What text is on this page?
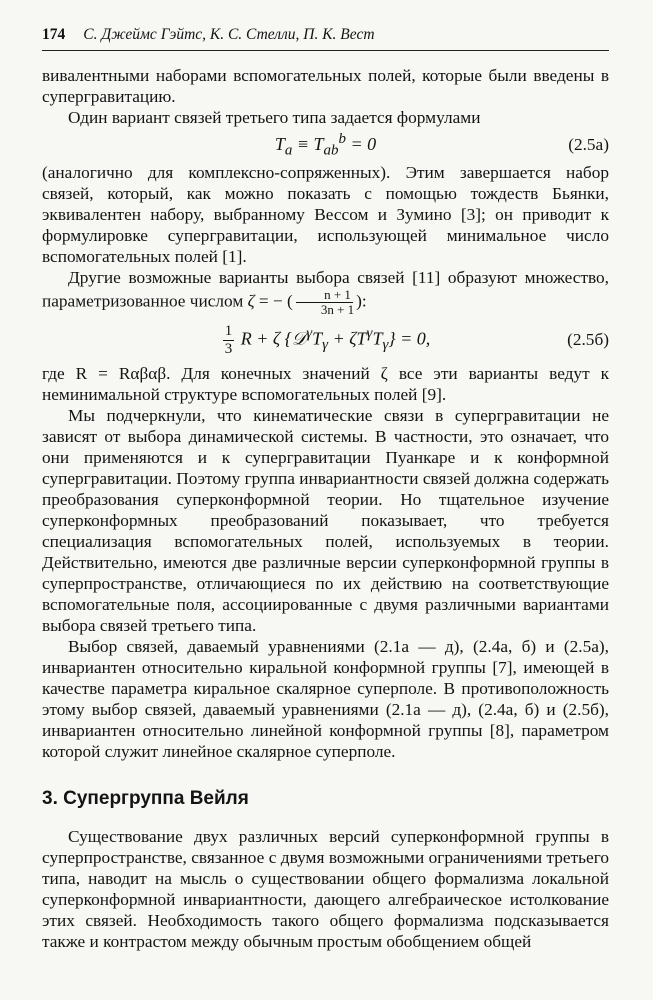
174 С. Джеймс Гэйтс, К. С. Стелли, П. К. Вест

вивалентными наборами вспомогательных полей, которые были введены в супергравитацию.

Один вариант связей третьего типа задается формулами

$T_a \equiv T_{ab}^b = 0$	(2.5а)

(аналогично для комплексно-сопряженных). Этим завершается набор связей, который, как можно показать с помощью тождеств Бьянки, эквивалентен набору, выбранному Вессом и Зумино [3]; он приводит к формулировке супергравитации, использующей минимальное число вспомогательных полей [1].

Другие возможные варианты выбора связей [11] образуют множество, параметризованное числом ζ = − ( $\frac{n + 1}{3n + 1}$ ):

$\frac{1}{3}$ R + ζ $\{𝒟^\gamma T_\gamma + \zeta T^\gamma T_\gamma\} = 0$,	(2.5б)

где R = Rαβαβ. Для конечных значений ζ все эти варианты ведут к неминимальной структуре вспомогательных полей [9].

Мы подчеркнули, что кинематические связи в супергравитации не зависят от выбора динамической системы. В частности, это означает, что они применяются и к супергравитации Пуанкаре и к конформной супергравитации. Поэтому группа инвариантности связей должна содержать преобразования суперконформной теории. Но тщательное изучение суперконформных преобразований показывает, что требуется специализация вспомогательных полей, используемых в теории. Действительно, имеются две различные версии суперконформной группы в суперпространстве, отличающиеся по их действию на соответствующие вспомогательные поля, ассоциированные с двумя различными вариантами выбора связей третьего типа.

Выбор связей, даваемый уравнениями (2.1а — д), (2.4а, б) и (2.5а), инвариантен относительно киральной конформной группы [7], имеющей в качестве параметра киральное скалярное суперполе. В противоположность этому выбор связей, даваемый уравнениями (2.1а — д), (2.4а, б) и (2.5б), инвариантен относительно линейной конформной группы [8], параметром которой служит линейное скалярное суперполе.

3. Супергруппа Вейля

Существование двух различных версий суперконформной группы в суперпространстве, связанное с двумя возможными ограничениями третьего типа, наводит на мысль о существовании общего формализма локальной суперконформной инвариантности, дающего алгебраическое истолкование этих связей. Необходимость такого общего формализма подсказывается также и контрастом между обычным простым обобщением общей
